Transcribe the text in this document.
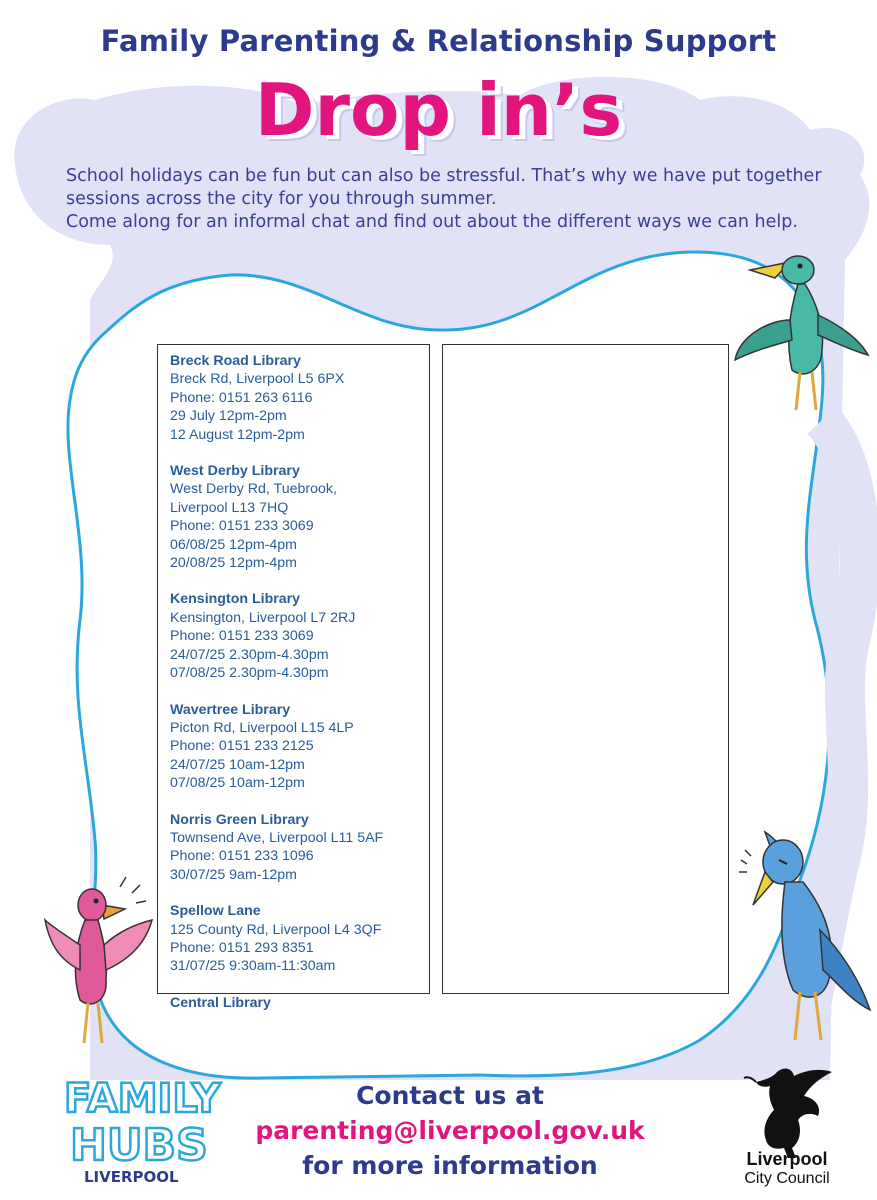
Family Parenting & Relationship Support
Drop in’s

School holidays can be fun but can also be stressful. That’s why we have put together sessions across the city for you through summer.

Come along for an informal chat and find out about the different ways we can help.

Breck Road Library
Breck Rd, Liverpool L5 6PX
Phone: 0151 263 6116
29 July 12pm-2pm
12 August 12pm-2pm
West Derby Library
West Derby Rd, Tuebrook,
Liverpool L13 7HQ
Phone: 0151 233 3069
06/08/25 12pm-4pm
20/08/25 12pm-4pm
Kensington Library
Kensington, Liverpool L7 2RJ
Phone: 0151 233 3069
24/07/25 2.30pm-4.30pm
07/08/25 2.30pm-4.30pm
Wavertree Library
Picton Rd, Liverpool L15 4LP
Phone: 0151 233 2125
24/07/25 10am-12pm
07/08/25 10am-12pm
Norris Green Library
Townsend Ave, Liverpool L11 5AF
Phone: 0151 233 1096
30/07/25 9am-12pm
Spellow Lane
125 County Rd, Liverpool L4 3QF
Phone: 0151 293 8351
31/07/25 9:30am-11:30am
Central Library
FAMILY
HUBS
LIVERPOOL
Contact us at
parenting@liverpool.gov.uk
for more information	Liverpool
City Council
